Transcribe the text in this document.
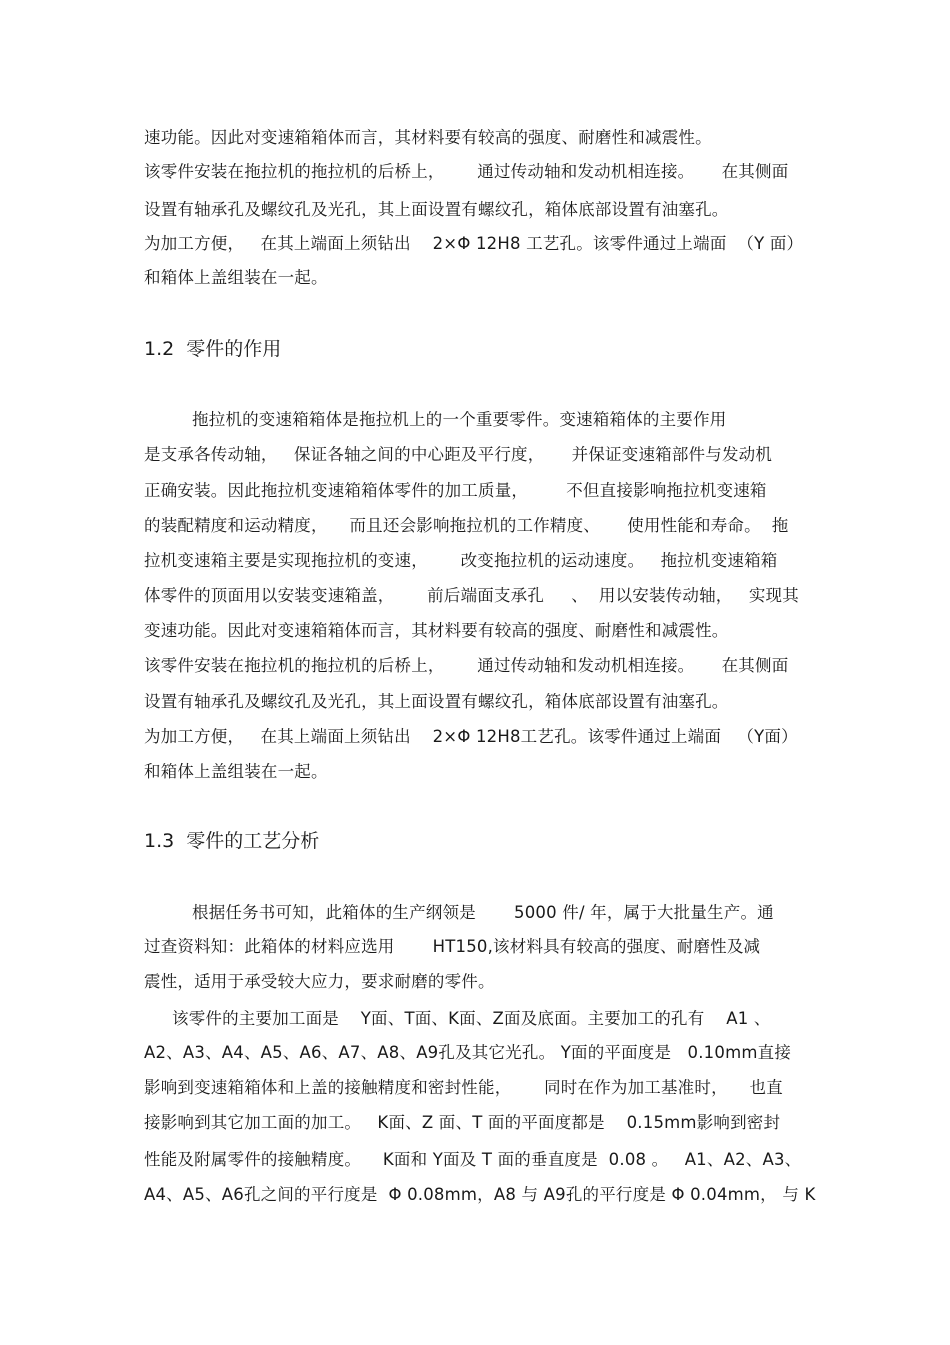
速功能。因此对变速箱箱体而言，其材料要有较高的强度、耐磨性和减震性。
该零件安装在拖拉机的拖拉机的后桥上，      通过传动轴和发动机相连接。     在其侧面
设置有轴承孔及螺纹孔及光孔，其上面设置有螺纹孔，箱体底部设置有油塞孔。
为加工方便，   在其上端面上须钻出    2×Φ 12H8 工艺孔。该零件通过上端面  （Y 面）
和箱体上盖组装在一起。
1.2  零件的作用
拖拉机的变速箱箱体是拖拉机上的一个重要零件。变速箱箱体的主要作用
是支承各传动轴，   保证各轴之间的中心距及平行度，     并保证变速箱部件与发动机
正确安装。因此拖拉机变速箱箱体零件的加工质量，       不但直接影响拖拉机变速箱
的装配精度和运动精度，    而且还会影响拖拉机的工作精度、     使用性能和寿命。  拖
拉机变速箱主要是实现拖拉机的变速，      改变拖拉机的运动速度。   拖拉机变速箱箱
体零件的顶面用以安装变速箱盖，      前后端面支承孔     、  用以安装传动轴，   实现其
变速功能。因此对变速箱箱体而言，其材料要有较高的强度、耐磨性和减震性。
该零件安装在拖拉机的拖拉机的后桥上，      通过传动轴和发动机相连接。     在其侧面
设置有轴承孔及螺纹孔及光孔，其上面设置有螺纹孔，箱体底部设置有油塞孔。
为加工方便，   在其上端面上须钻出    2×Φ 12H8工艺孔。该零件通过上端面   （Y面）
和箱体上盖组装在一起。
1.3  零件的工艺分析
根据任务书可知，此箱体的生产纲领是       5000 件/ 年，属于大批量生产。通
过查资料知：此箱体的材料应选用       HT150,该材料具有较高的强度、耐磨性及减
震性，适用于承受较大应力，要求耐磨的零件。
该零件的主要加工面是    Y面、T面、K面、Z面及底面。主要加工的孔有    A1 、
A2、A3、A4、A5、A6、A7、A8、A9孔及其它光孔。 Y面的平面度是   0.10mm直接
影响到变速箱箱体和上盖的接触精度和密封性能，      同时在作为加工基准时，    也直
接影响到其它加工面的加工。   K面、Z 面、T 面的平面度都是    0.15mm影响到密封
性能及附属零件的接触精度。    K面和 Y面及 T 面的垂直度是  0.08 。   A1、A2、A3、
A4、A5、A6孔之间的平行度是  Φ 0.08mm，A8 与 A9孔的平行度是 Φ 0.04mm， 与 K
